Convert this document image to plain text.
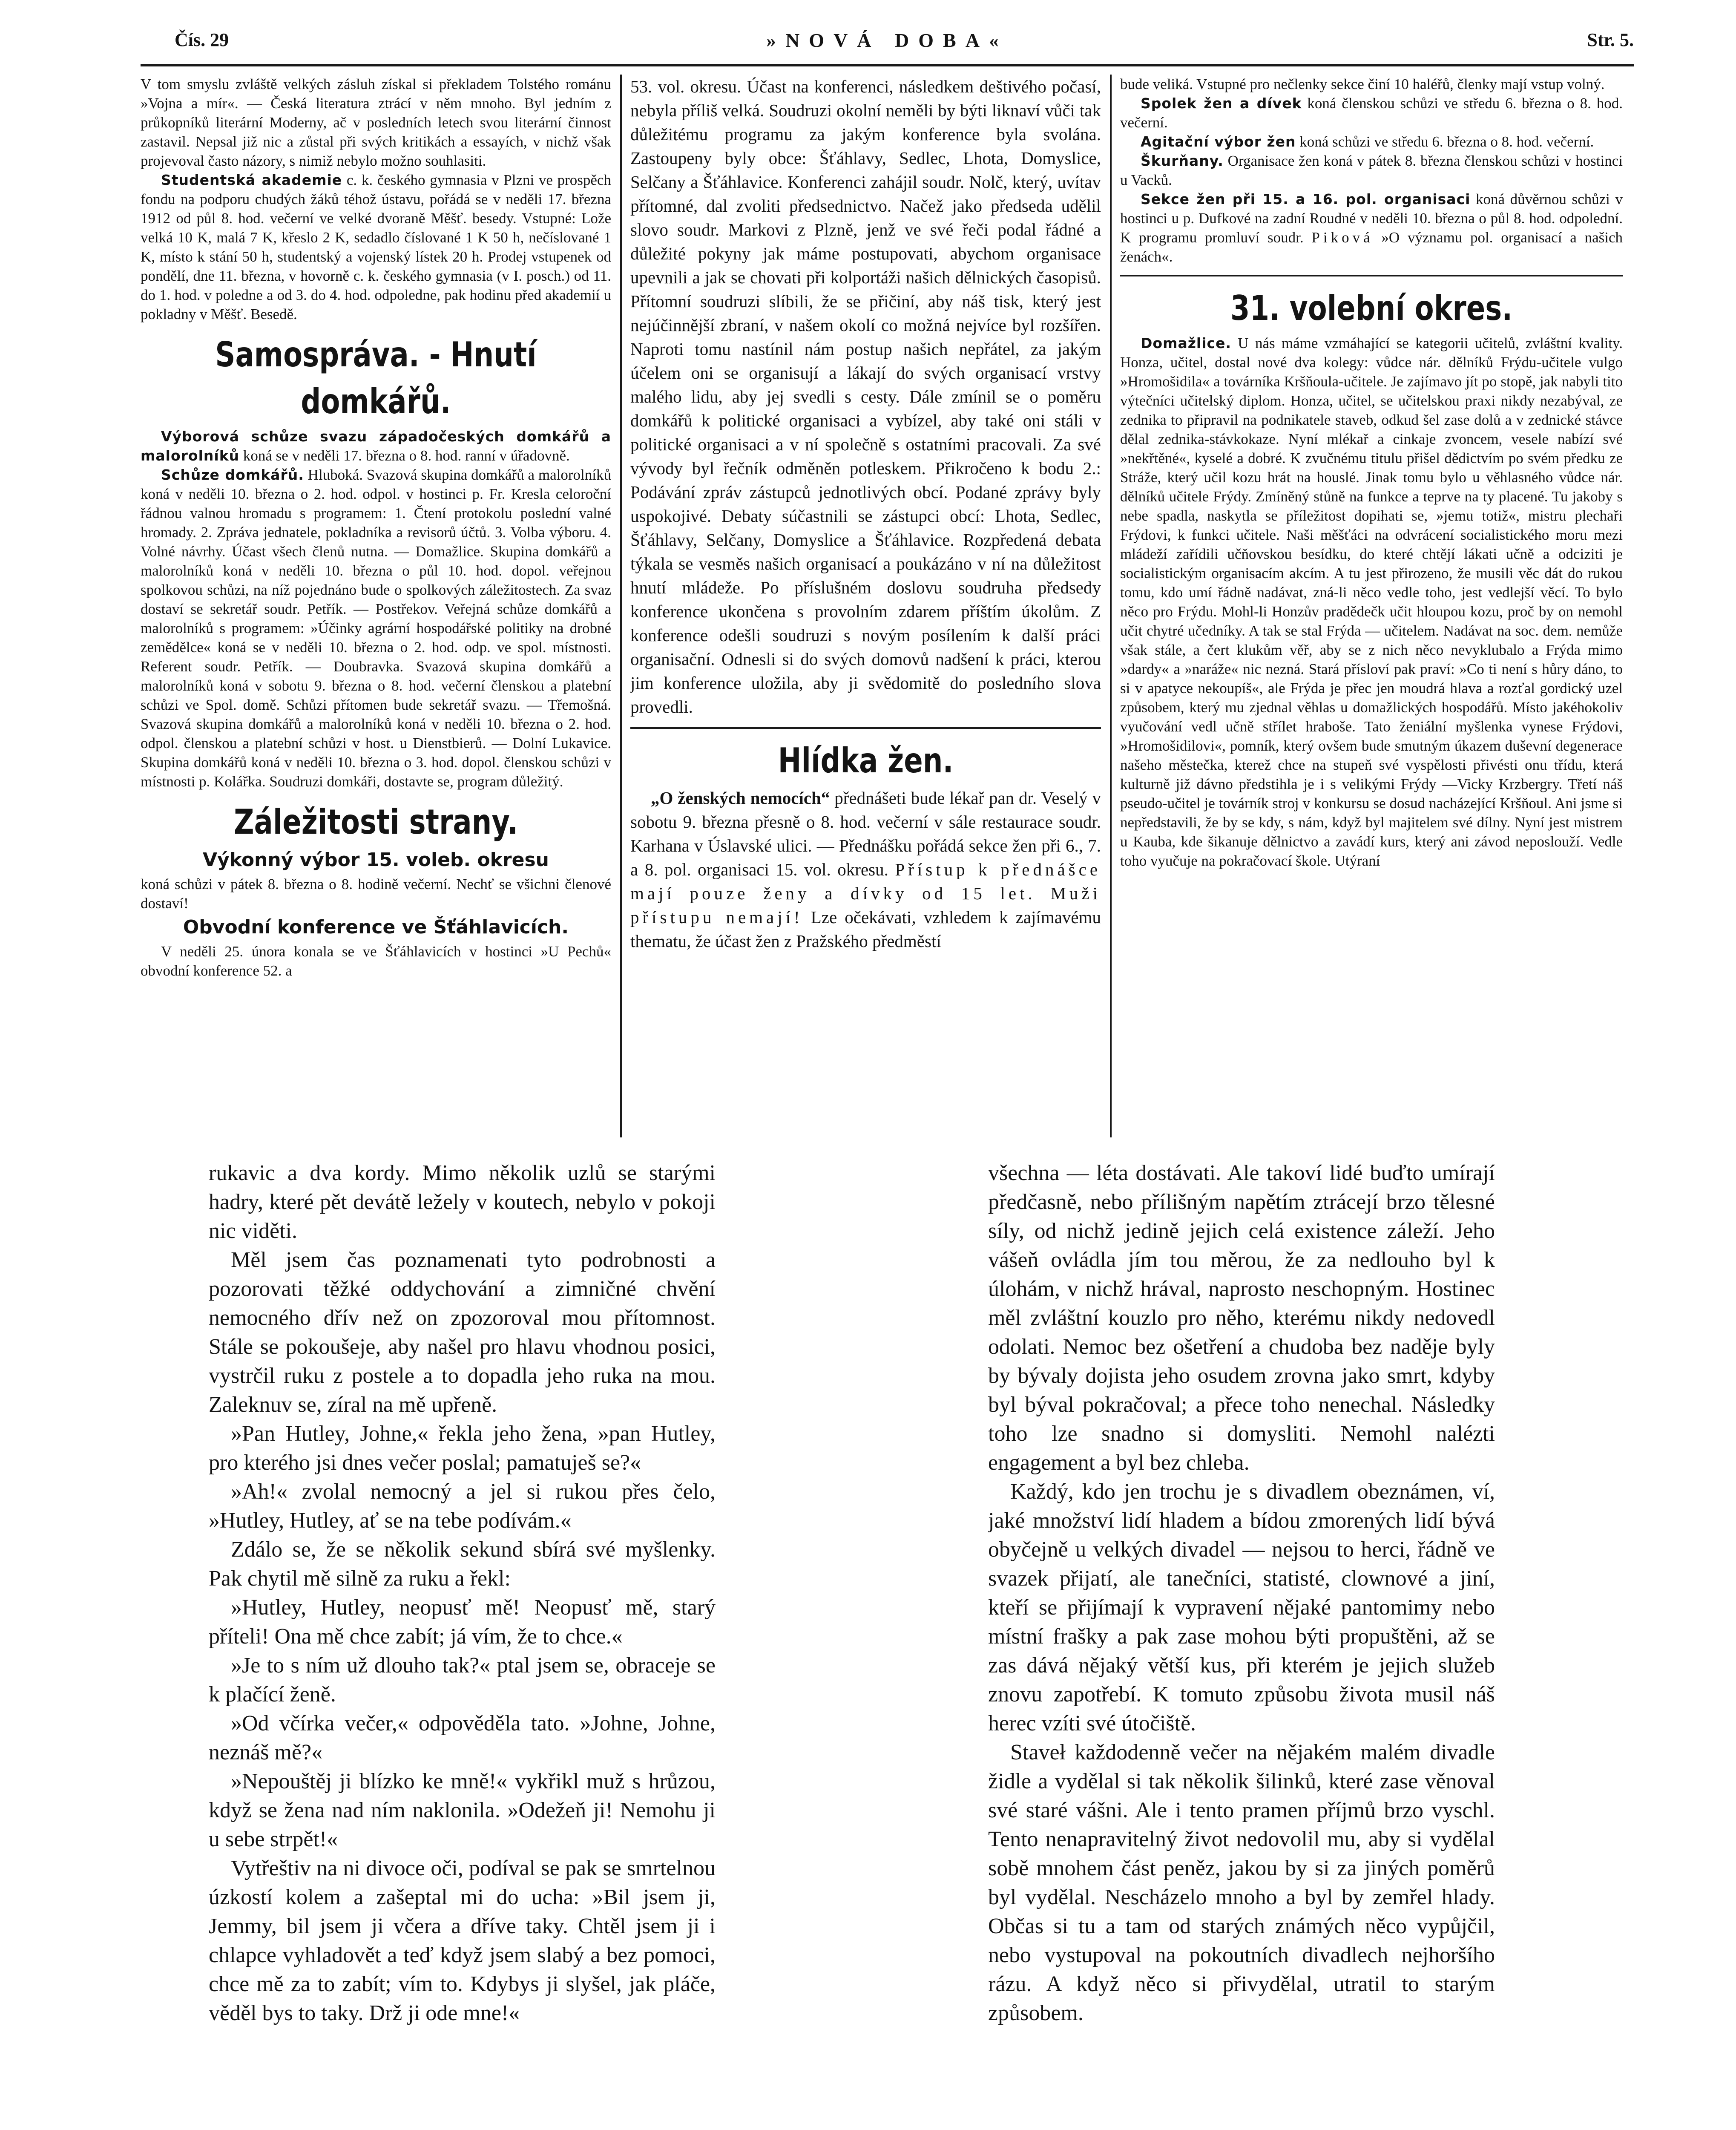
Čís. 29	»NOVÁ DOBA«	Str. 5.

V tom smyslu zvláště velkých zásluh získal si překladem Tolstého románu »Vojna a mír«. — Česká literatura ztrácí v něm mnoho. Byl jedním z průkopníků literární Moderny, ač v posledních letech svou literární činnost zastavil. Nepsal již nic a zůstal při svých kritikách a essayích, v nichž však projevoval často názory, s nimiž nebylo možno souhlasiti.

Studentská akademie c. k. českého gymnasia v Plzni ve prospěch fondu na podporu chudých žáků téhož ústavu, pořádá se v neděli 17. března 1912 od půl 8. hod. večerní ve velké dvoraně Měšť. besedy. Vstupné: Lože velká 10 K, malá 7 K, křeslo 2 K, sedadlo číslované 1 K 50 h, nečíslované 1 K, místo k stání 50 h, studentský a vojenský lístek 20 h. Prodej vstupenek od pondělí, dne 11. března, v hovorně c. k. českého gymnasia (v I. posch.) od 11. do 1. hod. v poledne a od 3. do 4. hod. odpoledne, pak hodinu před akademií u pokladny v Měšť. Besedě.

Samospráva. - Hnutí domkářů.

Výborová schůze svazu západočeských domkářů a malorolníků koná se v neděli 17. března o 8. hod. ranní v úřadovně.

Schůze domkářů. Hluboká. Svazová skupina domkářů a malorolníků koná v neděli 10. března o 2. hod. odpol. v hostinci p. Fr. Kresla celoroční řádnou valnou hromadu s programem: 1. Čtení protokolu poslední valné hromady. 2. Zpráva jednatele, pokladníka a revisorů účtů. 3. Volba výboru. 4. Volné návrhy. Účast všech členů nutna. — Domažlice. Skupina domkářů a malorolníků koná v neděli 10. března o půl 10. hod. dopol. veřejnou spolkovou schůzi, na níž pojednáno bude o spolkových záležitostech. Za svaz dostaví se sekretář soudr. Petřík. — Postřekov. Veřejná schůze domkářů a malorolníků s programem: »Účinky agrární hospodářské politiky na drobné zemědělce« koná se v neděli 10. března o 2. hod. odp. ve spol. místnosti. Referent soudr. Petřík. — Doubravka. Svazová skupina domkářů a malorolníků koná v sobotu 9. března o 8. hod. večerní členskou a platební schůzi ve Spol. domě. Schůzi přítomen bude sekretář svazu. — Třemošná. Svazová skupina domkářů a malorolníků koná v neděli 10. března o 2. hod. odpol. členskou a platební schůzi v host. u Dienstbierů. — Dolní Lukavice. Skupina domkářů koná v neděli 10. března o 3. hod. dopol. členskou schůzi v místnosti p. Kolářka. Soudruzi domkáři, dostavte se, program důležitý.

Záležitosti strany.
Výkonný výbor 15. voleb. okresu

koná schůzi v pátek 8. března o 8. hodině večerní. Nechť se všichni členové dostaví!

Obvodní konference ve Šťáhlavicích.

V neděli 25. února konala se ve Šťáhlavicích v hostinci »U Pechů« obvodní konference 52. a

53. vol. okresu. Účast na konferenci, následkem deštivého počasí, nebyla příliš velká. Soudruzi okolní neměli by býti liknaví vůči tak důležitému programu za jakým konference byla svolána. Zastoupeny byly obce: Šťáhlavy, Sedlec, Lhota, Domyslice, Selčany a Šťáhlavice. Konferenci zahájil soudr. Nolč, který, uvítav přítomné, dal zvoliti předsednictvo. Načež jako předseda udělil slovo soudr. Markovi z Plzně, jenž ve své řeči podal řádné a důležité pokyny jak máme postupovati, abychom organisace upevnili a jak se chovati při kolportáži našich dělnických časopisů. Přítomní soudruzi slíbili, že se přičiní, aby náš tisk, který jest nejúčinnější zbraní, v našem okolí co možná nejvíce byl rozšířen. Naproti tomu nastínil nám postup našich nepřátel, za jakým účelem oni se organisují a lákají do svých organisací vrstvy malého lidu, aby jej svedli s cesty. Dále zmínil se o poměru domkářů k politické organisaci a vybízel, aby také oni stáli v politické organisaci a v ní společně s ostatními pracovali. Za své vývody byl řečník odměněn potleskem. Přikročeno k bodu 2.: Podávání zpráv zástupců jednotlivých obcí. Podané zprávy byly uspokojivé. Debaty súčastnili se zástupci obcí: Lhota, Sedlec, Šťáhlavy, Selčany, Domyslice a Šťáhlavice. Rozpředená debata týkala se vesměs našich organisací a poukázáno v ní na důležitost hnutí mládeže. Po příslušném doslovu soudruha předsedy konference ukončena s provolním zdarem příštím úkolům. Z konference odešli soudruzi s novým posílením k další práci organisační. Odnesli si do svých domovů nadšení k práci, kterou jim konference uložila, aby ji svědomitě do posledního slova provedli.

Hlídka žen.

„O ženských nemocích“ přednášeti bude lékař pan dr. Veselý v sobotu 9. března přesně o 8. hod. večerní v sále restaurace soudr. Karhana v Úslavské ulici. — Přednášku pořádá sekce žen při 6., 7. a 8. pol. organisaci 15. vol. okresu. Přístup k přednášce mají pouze ženy a dívky od 15 let. Muži přístupu nemají! Lze očekávati, vzhledem k zajímavému thematu, že účast žen z Pražského předměstí

bude veliká. Vstupné pro nečlenky sekce činí 10 haléřů, členky mají vstup volný.

Spolek žen a dívek koná členskou schůzi ve středu 6. března o 8. hod. večerní.

Agitační výbor žen koná schůzi ve středu 6. března o 8. hod. večerní.

Škurňany. Organisace žen koná v pátek 8. března členskou schůzi v hostinci u Vacků.

Sekce žen při 15. a 16. pol. organisaci koná důvěrnou schůzi v hostinci u p. Dufkové na zadní Roudné v neděli 10. března o půl 8. hod. odpolední. K programu promluví soudr. Piková »O významu pol. organisací a našich ženách«.

31. volební okres.

Domažlice. U nás máme vzmáhající se kategorii učitelů, zvláštní kvality. Honza, učitel, dostal nové dva kolegy: vůdce nár. dělníků Frýdu-učitele vulgo »Hromošidila« a továrníka Kršňoula-učitele. Je zajímavo jít po stopě, jak nabyli tito výtečníci učitelský diplom. Honza, učitel, se učitelskou praxi nikdy nezabýval, ze zednika to připravil na podnikatele staveb, odkud šel zase dolů a v zednické stávce dělal zednika-stávkokaze. Nyní mlékař a cinkaje zvoncem, vesele nabízí své »nekřtěné«, kyselé a dobré. K zvučnému titulu přišel dědictvím po svém předku ze Stráže, který učil kozu hrát na houslé. Jinak tomu bylo u věhlasného vůdce nár. dělníků učitele Frýdy. Zmíněný stůně na funkce a teprve na ty placené. Tu jakoby s nebe spadla, naskytla se příležitost dopihati se, »jemu totiž«, mistru plechaři Frýdovi, k funkci učitele. Naši měšťáci na odvrácení socialistického moru mezi mládeží zařídili učňovskou besídku, do které chtějí lákati učně a odciziti je socialistickým organisacím akcím. A tu jest přirozeno, že musili věc dát do rukou tomu, kdo umí řádně nadávat, zná-li něco vedle toho, jest vedlejší věcí. To bylo něco pro Frýdu. Mohl-li Honzův pradědečk učit hloupou kozu, proč by on nemohl učit chytré učedníky. A tak se stal Frýda — učitelem. Nadávat na soc. dem. nemůže však stále, a čert klukům věř, aby se z nich něco nevyklubalo a Frýda mimo »dardy« a »naráže« nic nezná. Stará přísloví pak praví: »Co ti není s hůry dáno, to si v apatyce nekoupíš«, ale Frýda je přec jen moudrá hlava a rozťal gordický uzel způsobem, který mu zjednal věhlas u domažlických hospodářů. Místo jakéhokoliv vyučování vedl učně střílet hraboše. Tato ženiální myšlenka vynese Frýdovi, »Hromošidilovi«, pomník, který ovšem bude smutným úkazem duševní degenerace našeho městečka, kterež chce na stupeň své vyspělosti přivésti onu třídu, která kulturně již dávno předstihla je i s velikými Frýdy —Vicky Krzbergry. Třetí náš pseudo-učitel je továrník stroj v konkursu se dosud nacházející Kršňoul. Ani jsme si nepředstavili, že by se kdy, s nám, když byl majitelem své dílny. Nyní jest mistrem u Kauba, kde šikanuje dělnictvo a zavádí kurs, který ani závod neposlouží. Vedle toho vyučuje na pokračovací škole. Utýraní

rukavic a dva kordy. Mimo několik uzlů se starými hadry, které pět devátě ležely v koutech, nebylo v pokoji nic viděti.

Měl jsem čas poznamenati tyto podrobnosti a pozorovati těžké oddychování a zimničné chvění nemocného dřív než on zpozoroval mou přítomnost. Stále se pokoušeje, aby našel pro hlavu vhodnou posici, vystrčil ruku z postele a to dopadla jeho ruka na mou. Zaleknuv se, zíral na mě upřeně.

»Pan Hutley, Johne,« řekla jeho žena, »pan Hutley, pro kterého jsi dnes večer poslal; pamatuješ se?«

»Ah!« zvolal nemocný a jel si rukou přes čelo, »Hutley, Hutley, ať se na tebe podívám.«

Zdálo se, že se několik sekund sbírá své myšlenky. Pak chytil mě silně za ruku a řekl:

»Hutley, Hutley, neopusť mě! Neopusť mě, starý příteli! Ona mě chce zabít; já vím, že to chce.«

»Je to s ním už dlouho tak?« ptal jsem se, obraceje se k plačící ženě.

»Od včírka večer,« odpověděla tato. »Johne, Johne, neznáš mě?«

»Nepouštěj ji blízko ke mně!« vykřikl muž s hrůzou, když se žena nad ním naklonila. »Odežeň ji! Nemohu ji u sebe strpět!«

Vytřeštiv na ni divoce oči, podíval se pak se smrtelnou úzkostí kolem a zašeptal mi do ucha: »Bil jsem ji, Jemmy, bil jsem ji včera a dříve taky. Chtěl jsem ji i chlapce vyhladovět a teď když jsem slabý a bez pomoci, chce mě za to zabít; vím to. Kdybys ji slyšel, jak pláče, věděl bys to taky. Drž ji ode mne!«

všechna — léta dostávati. Ale takoví lidé buďto umírají předčasně, nebo přílišným napětím ztrácejí brzo tělesné síly, od nichž jedině jejich celá existence záleží. Jeho vášeň ovládla jím tou měrou, že za nedlouho byl k úlohám, v nichž hrával, naprosto neschopným. Hostinec měl zvláštní kouzlo pro něho, kterému nikdy nedovedl odolati. Nemoc bez ošetření a chudoba bez naděje byly by bývaly dojista jeho osudem zrovna jako smrt, kdyby byl býval pokračoval; a přece toho nenechal. Následky toho lze snadno si domysliti. Nemohl nalézti engagement a byl bez chleba.

Každý, kdo jen trochu je s divadlem obeznámen, ví, jaké množství lidí hladem a bídou zmorených lidí bývá obyčejně u velkých divadel — nejsou to herci, řádně ve svazek přijatí, ale tanečníci, statisté, clownové a jiní, kteří se přijímají k vypravení nějaké pantomimy nebo místní frašky a pak zase mohou býti propuštěni, až se zas dává nějaký větší kus, při kterém je jejich služeb znovu zapotřebí. K tomuto způsobu života musil náš herec vzíti své útočiště.

Staveł každodenně večer na nějakém malém divadle židle a vydělal si tak několik šilinků, které zase věnoval své staré vášni. Ale i tento pramen příjmů brzo vyschl. Tento nenapravitelný život nedovolil mu, aby si vydělal sobě mnohem část peněz, jakou by si za jiných poměrů byl vydělal. Nescházelo mnoho a byl by zemřel hlady. Občas si tu a tam od starých známých něco vypůjčil, nebo vystupoval na pokoutních divadlech nejhoršího rázu. A když něco si přivydělal, utratil to starým způsobem.
